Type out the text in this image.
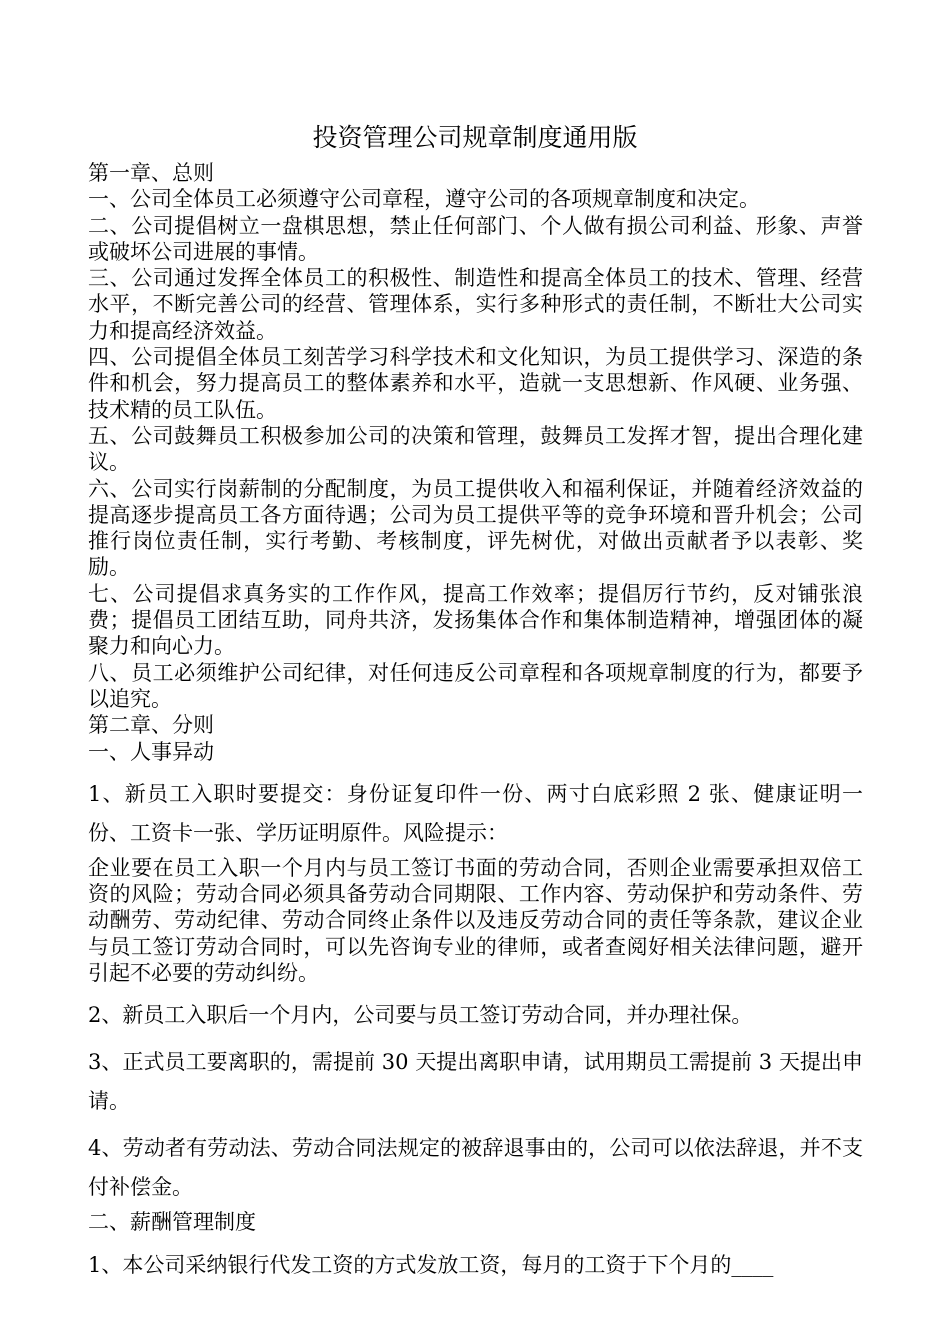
投资管理公司规章制度通用版

第一章、总则

一、公司全体员工必须遵守公司章程，遵守公司的各项规章制度和决定。

二、公司提倡树立一盘棋思想，禁止任何部门、个人做有损公司利益、形象、声誉或破坏公司进展的事情。

三、公司通过发挥全体员工的积极性、制造性和提高全体员工的技术、管理、经营水平，不断完善公司的经营、管理体系，实行多种形式的责任制，不断壮大公司实力和提高经济效益。

四、公司提倡全体员工刻苦学习科学技术和文化知识，为员工提供学习、深造的条件和机会，努力提高员工的整体素养和水平，造就一支思想新、作风硬、业务强、技术精的员工队伍。

五、公司鼓舞员工积极参加公司的决策和管理，鼓舞员工发挥才智，提出合理化建议。

六、公司实行岗薪制的分配制度，为员工提供收入和福利保证，并随着经济效益的提高逐步提高员工各方面待遇；公司为员工提供平等的竞争环境和晋升机会；公司推行岗位责任制，实行考勤、考核制度，评先树优，对做出贡献者予以表彰、奖励。

七、公司提倡求真务实的工作作风，提高工作效率；提倡厉行节约，反对铺张浪费；提倡员工团结互助，同舟共济，发扬集体合作和集体制造精神，增强团体的凝聚力和向心力。

八、员工必须维护公司纪律，对任何违反公司章程和各项规章制度的行为，都要予以追究。

第二章、分则

一、人事异动

1、新员工入职时要提交：身份证复印件一份、两寸白底彩照 2 张、健康证明一份、工资卡一张、学历证明原件。风险提示：

企业要在员工入职一个月内与员工签订书面的劳动合同，否则企业需要承担双倍工资的风险；劳动合同必须具备劳动合同期限、工作内容、劳动保护和劳动条件、劳动酬劳、劳动纪律、劳动合同终止条件以及违反劳动合同的责任等条款，建议企业与员工签订劳动合同时，可以先咨询专业的律师，或者查阅好相关法律问题，避开引起不必要的劳动纠纷。

2、新员工入职后一个月内，公司要与员工签订劳动合同，并办理社保。

3、正式员工要离职的，需提前 30 天提出离职申请，试用期员工需提前 3 天提出申请。

4、劳动者有劳动法、劳动合同法规定的被辞退事由的，公司可以依法辞退，并不支付补偿金。

二、薪酬管理制度

1、本公司采纳银行代发工资的方式发放工资，每月的工资于下个月的____
